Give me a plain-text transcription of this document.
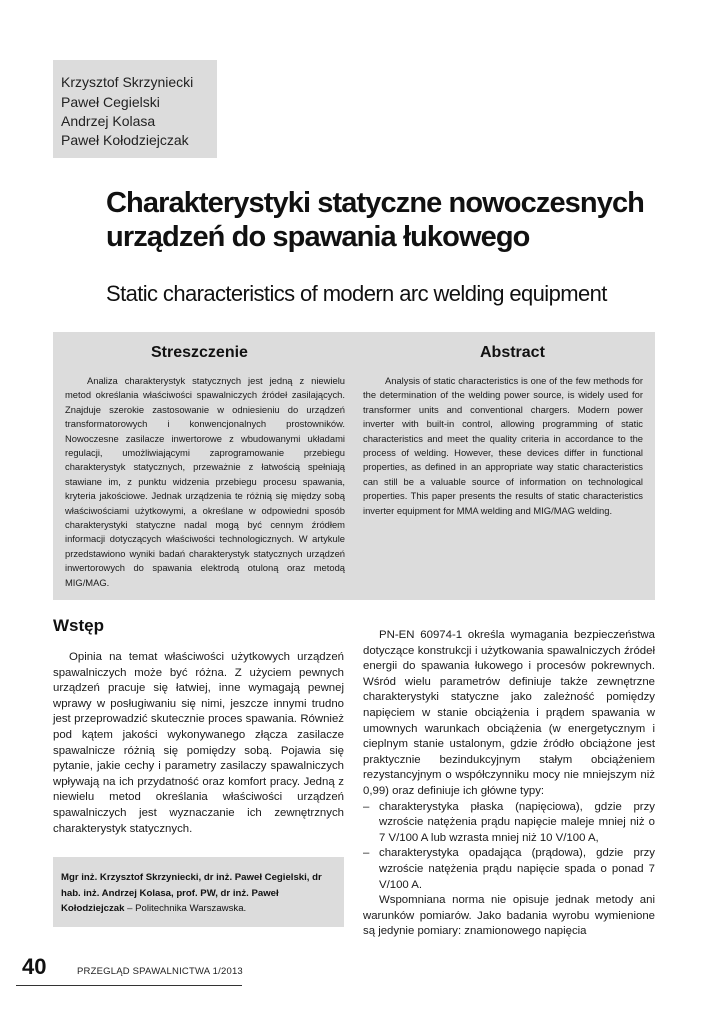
Krzysztof Skrzyniecki
Paweł Cegielski
Andrzej Kolasa
Paweł Kołodziejczak
Charakterystyki statyczne nowoczesnych urządzeń do spawania łukowego

Static characteristics of modern arc welding equipment

Streszczenie

Analiza charakterystyk statycznych jest jedną z niewielu metod określania właściwości spawalniczych źródeł zasilających. Znajduje szerokie zastosowanie w odniesieniu do urządzeń transformatorowych i konwencjonalnych prostowników. Nowoczesne zasilacze inwertorowe z wbudowanymi układami regulacji, umożliwiającymi zaprogramowanie przebiegu charakterystyk statycznych, przeważnie z łatwością spełniają stawiane im, z punktu widzenia przebiegu procesu spawania, kryteria jakościowe. Jednak urządzenia te różnią się między sobą właściwościami użytkowymi, a określane w odpowiedni sposób charakterystyki statyczne nadal mogą być cennym źródłem informacji dotyczących właściwości technologicznych. W artykule przedstawiono wyniki badań charakterystyk statycznych urządzeń inwertorowych do spawania elektrodą otuloną oraz metodą MIG/MAG.

Abstract

Analysis of static characteristics is one of the few methods for the determination of the welding power source, is widely used for transformer units and conventional chargers. Modern power inverter with built-in control, allowing programming of static characteristics and meet the quality criteria in accordance to the process of welding. However, these devices differ in functional properties, as defined in an appropriate way static characteristics can still be a valuable source of information on technological properties. This paper presents the results of static characteristics inverter equipment for MMA welding and MIG/MAG welding.

Wstęp

Opinia na temat właściwości użytkowych urządzeń spawalniczych może być różna. Z użyciem pewnych urządzeń pracuje się łatwiej, inne wymagają pewnej wprawy w posługiwaniu się nimi, jeszcze innymi trudno jest przeprowadzić skutecznie proces spawania. Również pod kątem jakości wykonywanego złącza zasilacze spawalnicze różnią się pomiędzy sobą. Pojawia się pytanie, jakie cechy i parametry zasilaczy spawalniczych wpływają na ich przydatność oraz komfort pracy. Jedną z niewielu metod określania właściwości urządzeń spawalniczych jest wyznaczanie ich zewnętrznych charakterystyk statycznych.

Mgr inż. Krzysztof Skrzyniecki, dr inż. Paweł Cegielski, dr hab. inż. Andrzej Kolasa, prof. PW, dr inż. Paweł Kołodziejczak – Politechnika Warszawska.

PN-EN 60974-1 określa wymagania bezpieczeństwa dotyczące konstrukcji i użytkowania spawalniczych źródeł energii do spawania łukowego i procesów pokrewnych. Wśród wielu parametrów definiuje także zewnętrzne charakterystyki statyczne jako zależność pomiędzy napięciem w stanie obciążenia i prądem spawania w umownych warunkach obciążenia (w energetycznym i cieplnym stanie ustalonym, gdzie źródło obciążone jest praktycznie bezindukcyjnym stałym obciążeniem rezystancyjnym o współczynniku mocy nie mniejszym niż 0,99) oraz definiuje ich główne typy:

– charakterystyka płaska (napięciowa), gdzie przy wzroście natężenia prądu napięcie maleje mniej niż o 7 V/100 A lub wzrasta mniej niż 10 V/100 A,
– charakterystyka opadająca (prądowa), gdzie przy wzroście natężenia prądu napięcie spada o ponad 7 V/100 A.

Wspomniana norma nie opisuje jednak metody ani warunków pomiarów. Jako badania wyrobu wymienione są jedynie pomiary: znamionowego napięcia

40	PRZEGLĄD SPAWALNICTWA 1/2013
